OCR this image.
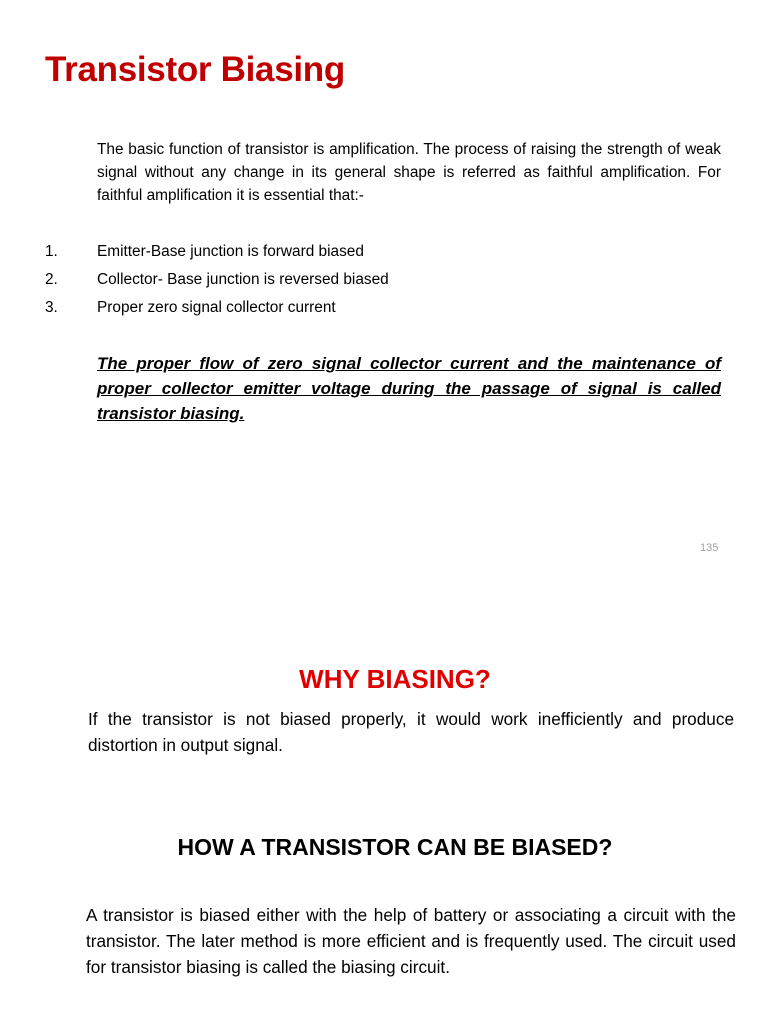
Transistor Biasing

The basic function of transistor is amplification. The process of raising the strength of weak signal without any change in its general shape is referred as faithful amplification. For faithful amplification it is essential that:-

1.	Emitter-Base junction is forward biased
2.	Collector- Base junction is reversed biased
3.	Proper zero signal collector current

The proper flow of zero signal collector current and the maintenance of proper collector emitter voltage during the passage of signal is called transistor biasing.

135
WHY BIASING?

If the transistor is not biased properly, it would work inefficiently and produce distortion in output signal.

HOW A TRANSISTOR CAN BE BIASED?

A transistor is biased either with the help of battery or associating a circuit with the transistor. The later method is more efficient and is frequently used. The circuit used for transistor biasing is called the biasing circuit.
